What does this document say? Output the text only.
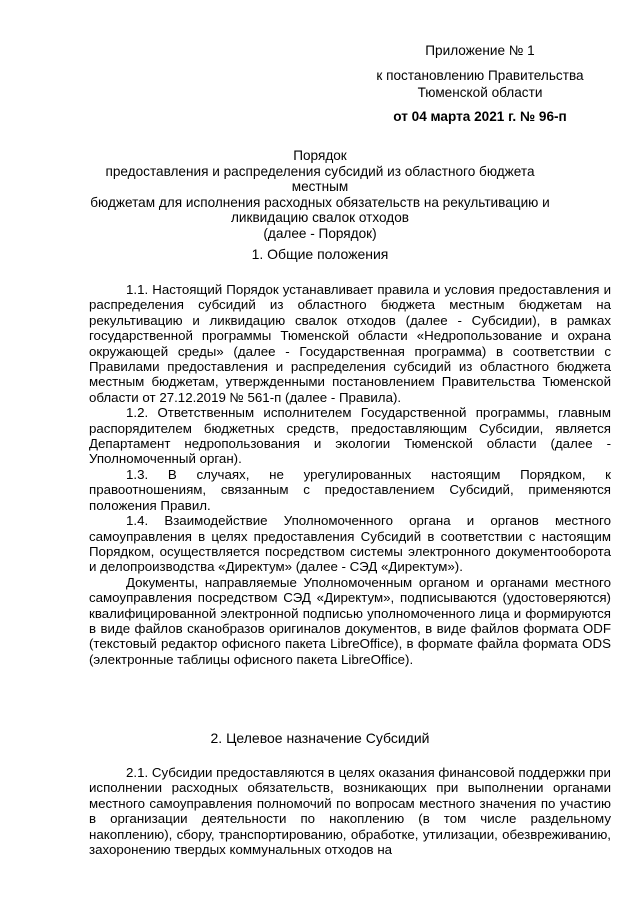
Приложение № 1
к постановлению Правительства
Тюменской области
от 04 марта 2021 г. № 96-п
Порядок
предоставления и распределения субсидий из областного бюджета местным
бюджетам для исполнения расходных обязательств на рекультивацию и
ликвидацию свалок отходов
(далее - Порядок)
1. Общие положения

1.1. Настоящий Порядок устанавливает правила и условия предоставления и распределения субсидий из областного бюджета местным бюджетам на рекультивацию и ликвидацию свалок отходов (далее - Субсидии), в рамках государственной программы Тюменской области «Недропользование и охрана окружающей среды» (далее - Государственная программа) в соответствии с Правилами предоставления и распределения субсидий из областного бюджета местным бюджетам, утвержденными постановлением Правительства Тюменской области от 27.12.2019 № 561-п (далее - Правила).

1.2. Ответственным исполнителем Государственной программы, главным распорядителем бюджетных средств, предоставляющим Субсидии, является Департамент недропользования и экологии Тюменской области (далее - Уполномоченный орган).

1.3. В случаях, не урегулированных настоящим Порядком, к правоотношениям, связанным с предоставлением Субсидий, применяются положения Правил.

1.4. Взаимодействие Уполномоченного органа и органов местного самоуправления в целях предоставления Субсидий в соответствии с настоящим Порядком, осуществляется посредством системы электронного документооборота и делопроизводства «Директум» (далее - СЭД «Директум»).

Документы, направляемые Уполномоченным органом и органами местного самоуправления посредством СЭД «Директум», подписываются (удостоверяются) квалифицированной электронной подписью уполномоченного лица и формируются в виде файлов сканобразов оригиналов документов, в виде файлов формата ODF (текстовый редактор офисного пакета LibreOffice), в формате файла формата ODS (электронные таблицы офисного пакета LibreOffice).

2. Целевое назначение Субсидий

2.1. Субсидии предоставляются в целях оказания финансовой поддержки при исполнении расходных обязательств, возникающих при выполнении органами местного самоуправления полномочий по вопросам местного значения по участию в организации деятельности по накоплению (в том числе раздельному накоплению), сбору, транспортированию, обработке, утилизации, обезвреживанию, захоронению твердых коммунальных отходов на
